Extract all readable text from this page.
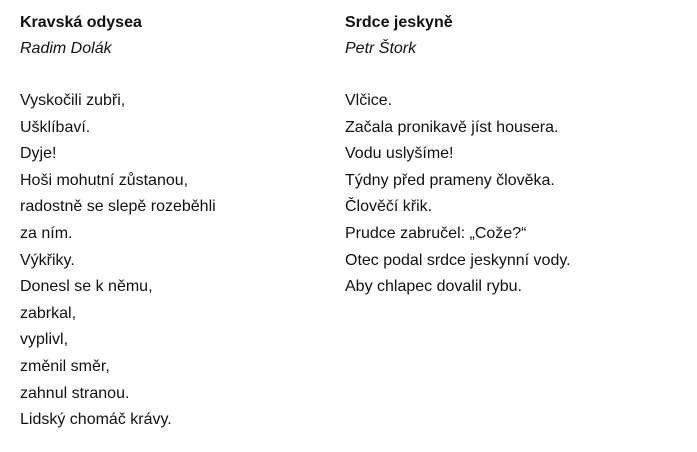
Kravská odysea
Radim Dolák
Vyskočili zubři,
Ušklíbaví.
Dyje!
Hoši mohutní zůstanou,
radostně se slepě rozeběhli
za ním.
Výkřiky.
Donesl se k němu,
zabrkal,
vyplivl,
změnil směr,
zahnul stranou.
Lidský chomáč krávy.
Srdce jeskyně
Petr Štork
Vlčice.
Začala pronikavě jíst housera.
Vodu uslyšíme!
Týdny před prameny člověka.
Člověčí křik.
Prudce zabručel: „Cože?“
Otec podal srdce jeskynní vody.
Aby chlapec dovalil rybu.
